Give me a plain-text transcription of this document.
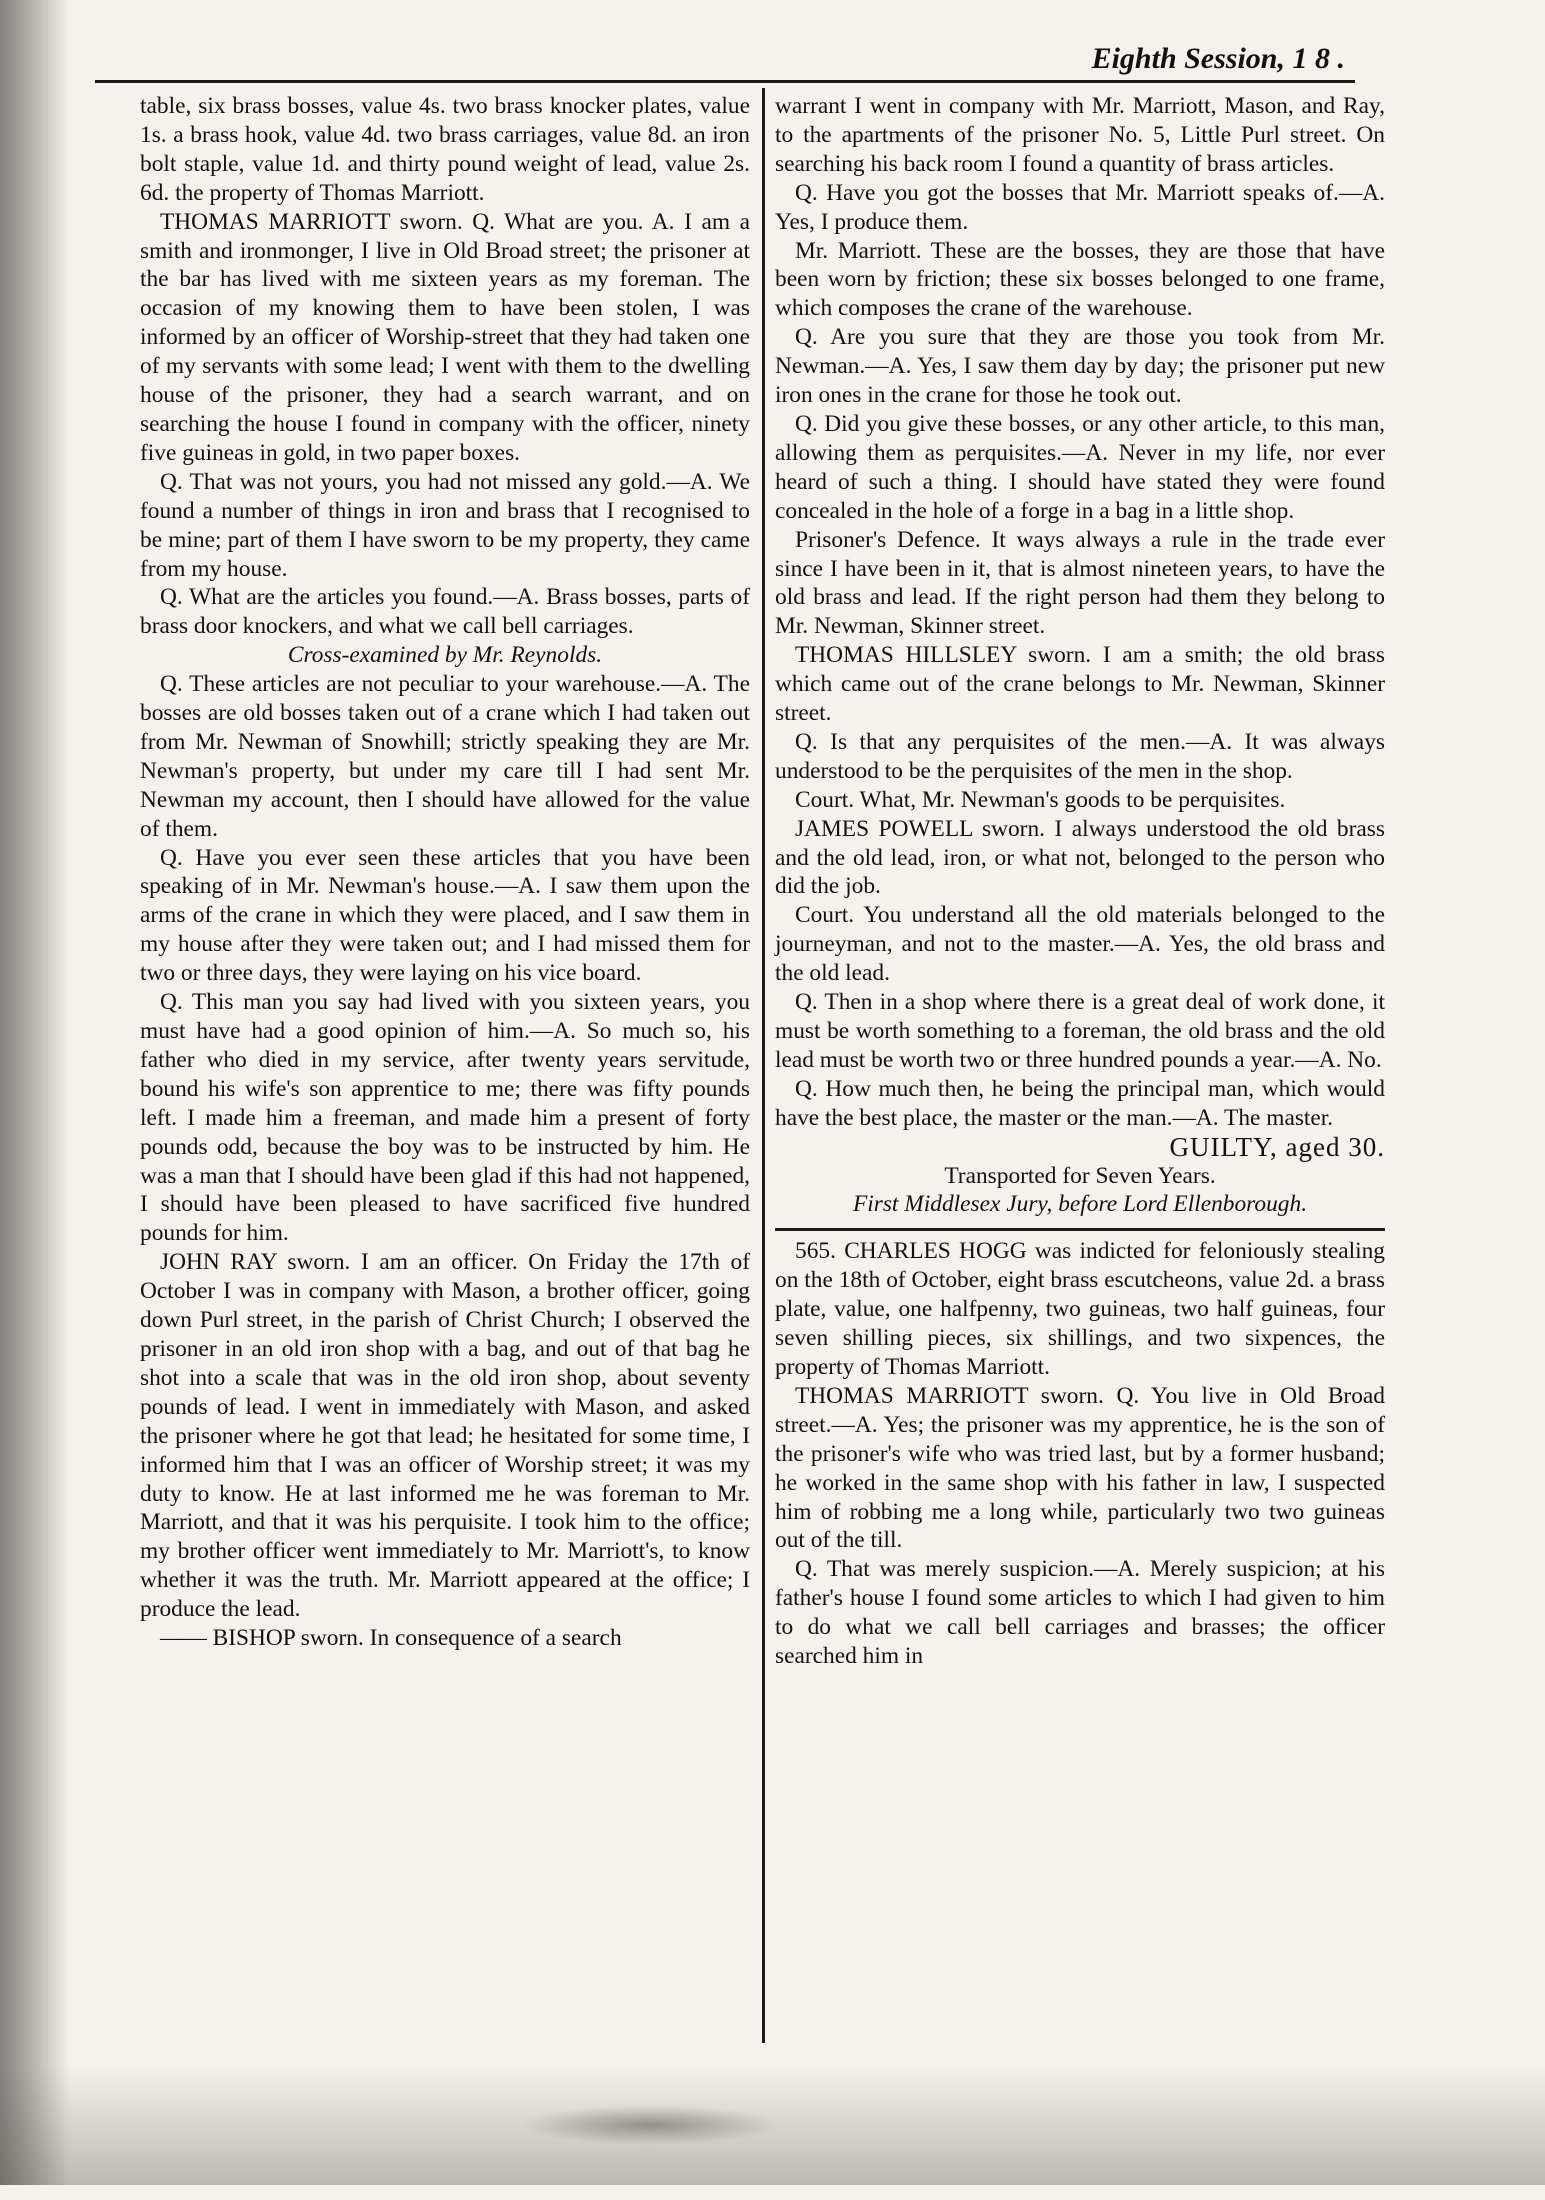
Eighth Session, 1 8 .

table, six brass bosses, value 4s. two brass knocker plates, value 1s. a brass hook, value 4d. two brass carriages, value 8d. an iron bolt staple, value 1d. and thirty pound weight of lead, value 2s. 6d. the property of Thomas Marriott.

THOMAS MARRIOTT sworn. Q. What are you. A. I am a smith and ironmonger, I live in Old Broad street; the prisoner at the bar has lived with me sixteen years as my foreman. The occasion of my knowing them to have been stolen, I was informed by an officer of Worship-street that they had taken one of my servants with some lead; I went with them to the dwelling house of the prisoner, they had a search warrant, and on searching the house I found in company with the officer, ninety five guineas in gold, in two paper boxes.

Q. That was not yours, you had not missed any gold.—A. We found a number of things in iron and brass that I recognised to be mine; part of them I have sworn to be my property, they came from my house.

Q. What are the articles you found.—A. Brass bosses, parts of brass door knockers, and what we call bell carriages.

Cross-examined by Mr. Reynolds.

Q. These articles are not peculiar to your warehouse.—A. The bosses are old bosses taken out of a crane which I had taken out from Mr. Newman of Snowhill; strictly speaking they are Mr. Newman's property, but under my care till I had sent Mr. Newman my account, then I should have allowed for the value of them.

Q. Have you ever seen these articles that you have been speaking of in Mr. Newman's house.—A. I saw them upon the arms of the crane in which they were placed, and I saw them in my house after they were taken out; and I had missed them for two or three days, they were laying on his vice board.

Q. This man you say had lived with you sixteen years, you must have had a good opinion of him.—A. So much so, his father who died in my service, after twenty years servitude, bound his wife's son apprentice to me; there was fifty pounds left. I made him a freeman, and made him a present of forty pounds odd, because the boy was to be instructed by him. He was a man that I should have been glad if this had not happened, I should have been pleased to have sacrificed five hundred pounds for him.

JOHN RAY sworn. I am an officer. On Friday the 17th of October I was in company with Mason, a brother officer, going down Purl street, in the parish of Christ Church; I observed the prisoner in an old iron shop with a bag, and out of that bag he shot into a scale that was in the old iron shop, about seventy pounds of lead. I went in immediately with Mason, and asked the prisoner where he got that lead; he hesitated for some time, I informed him that I was an officer of Worship street; it was my duty to know. He at last informed me he was foreman to Mr. Marriott, and that it was his perquisite. I took him to the office; my brother officer went immediately to Mr. Marriott's, to know whether it was the truth. Mr. Marriott appeared at the office; I produce the lead.

—— BISHOP sworn. In consequence of a search

warrant I went in company with Mr. Marriott, Mason, and Ray, to the apartments of the prisoner No. 5, Little Purl street. On searching his back room I found a quantity of brass articles.

Q. Have you got the bosses that Mr. Marriott speaks of.—A. Yes, I produce them.

Mr. Marriott. These are the bosses, they are those that have been worn by friction; these six bosses belonged to one frame, which composes the crane of the warehouse.

Q. Are you sure that they are those you took from Mr. Newman.—A. Yes, I saw them day by day; the prisoner put new iron ones in the crane for those he took out.

Q. Did you give these bosses, or any other article, to this man, allowing them as perquisites.—A. Never in my life, nor ever heard of such a thing. I should have stated they were found concealed in the hole of a forge in a bag in a little shop.

Prisoner's Defence. It ways always a rule in the trade ever since I have been in it, that is almost nineteen years, to have the old brass and lead. If the right person had them they belong to Mr. Newman, Skinner street.

THOMAS HILLSLEY sworn. I am a smith; the old brass which came out of the crane belongs to Mr. Newman, Skinner street.

Q. Is that any perquisites of the men.—A. It was always understood to be the perquisites of the men in the shop.

Court. What, Mr. Newman's goods to be perquisites.

JAMES POWELL sworn. I always understood the old brass and the old lead, iron, or what not, belonged to the person who did the job.

Court. You understand all the old materials belonged to the journeyman, and not to the master.—A. Yes, the old brass and the old lead.

Q. Then in a shop where there is a great deal of work done, it must be worth something to a foreman, the old brass and the old lead must be worth two or three hundred pounds a year.—A. No.

Q. How much then, he being the principal man, which would have the best place, the master or the man.—A. The master.

GUILTY, aged 30.

Transported for Seven Years.

First Middlesex Jury, before Lord Ellenborough.

565. CHARLES HOGG was indicted for feloniously stealing on the 18th of October, eight brass escutcheons, value 2d. a brass plate, value, one halfpenny, two guineas, two half guineas, four seven shilling pieces, six shillings, and two sixpences, the property of Thomas Marriott.

THOMAS MARRIOTT sworn. Q. You live in Old Broad street.—A. Yes; the prisoner was my apprentice, he is the son of the prisoner's wife who was tried last, but by a former husband; he worked in the same shop with his father in law, I suspected him of robbing me a long while, particularly two two guineas out of the till.

Q. That was merely suspicion.—A. Merely suspicion; at his father's house I found some articles to which I had given to him to do what we call bell carriages and brasses; the officer searched him in
